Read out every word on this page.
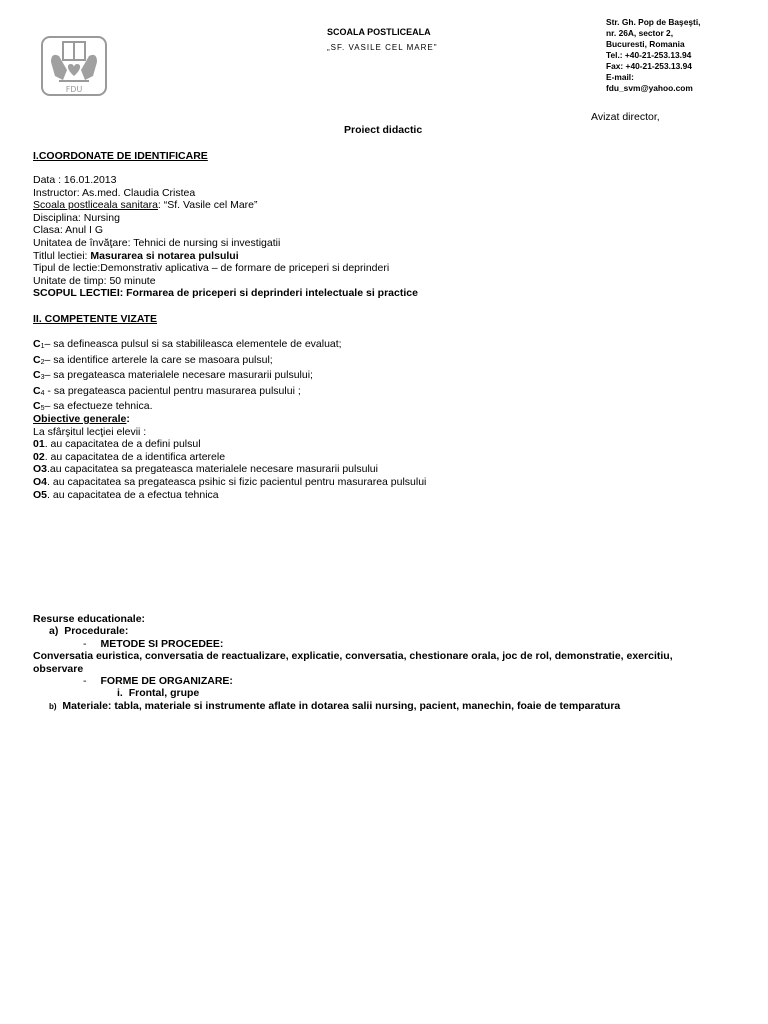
FDU
SCOALA POSTLICEALA
„SF. VASILE CEL MARE"
Str. Gh. Pop de Başeşti,
nr. 26A, sector 2,
Bucuresti, Romania
Tel.: +40-21-253.13.94
Fax: +40-21-253.13.94
E-mail:
fdu_svm@yahoo.com
Avizat director,
Proiect didactic
I.COORDONATE DE IDENTIFICARE
Data : 16.01.2013
Instructor: As.med. Claudia Cristea
Scoala postliceala sanitara: “Sf. Vasile cel Mare”
Disciplina: Nursing
Clasa: Anul I G
Unitatea de învăţare: Tehnici de nursing si investigatii
Titlul lectiei: Masurarea si notarea pulsului
Tipul de lectie:Demonstrativ aplicativa – de formare de priceperi si deprinderi
Unitate de timp: 50 minute
SCOPUL LECTIEI: Formarea de priceperi si deprinderi intelectuale si practice
II. COMPETENTE VIZATE
$C_1-$ sa defineasca pulsul si sa stabilileasca elementele de evaluat;
$C_2-$ sa identifice arterele la care se masoara pulsul;
$C_3-$ sa pregateasca materialele necesare masurarii pulsului;
$C_4$ - sa pregateasca pacientul pentru masurarea pulsului ;
$C_5-$ sa efectueze tehnica.
Obiective generale:
La sfârşitul lecţiei elevii :
01. au capacitatea de a defini pulsul
02. au capacitatea de a identifica arterele
O3.au capacitatea sa pregateasca materialele necesare masurarii pulsului
O4. au capacitatea sa pregateasca psihic si fizic pacientul pentru masurarea pulsului
O5. au capacitatea de a efectua tehnica
Resurse educationale:
a) Procedurale:
- METODE SI PROCEDEE:
Conversatia euristica, conversatia de reactualizare, explicatie, conversatia, chestionare orala, joc de rol, demonstratie, exercitiu,
observare
- FORME DE ORGANIZARE:
i. Frontal, grupe
b) Materiale: tabla, materiale si instrumente aflate in dotarea salii nursing, pacient, manechin, foaie de temparatura
